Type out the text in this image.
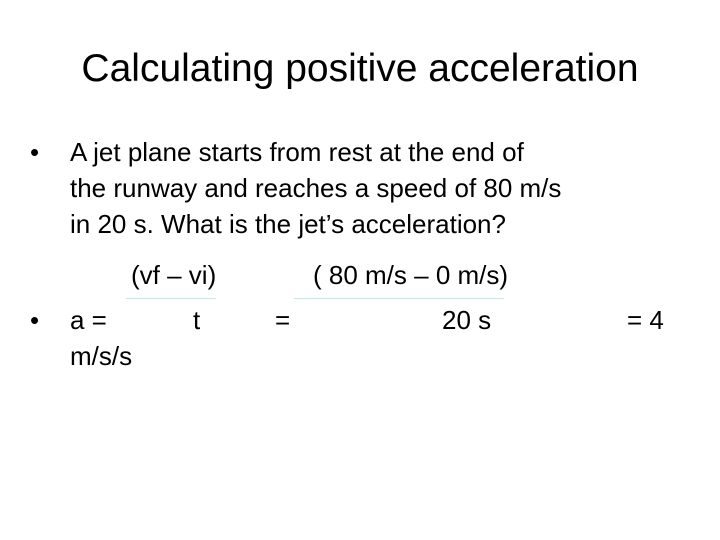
Calculating positive acceleration
• A jet plane starts from rest at the end of
the runway and reaches a speed of 80 m/s
in 20 s. What is the jet’s acceleration?
(vf – vi)	( 80 m/s – 0 m/s)
• a =	t	=	20 s	= 4
m/s/s
